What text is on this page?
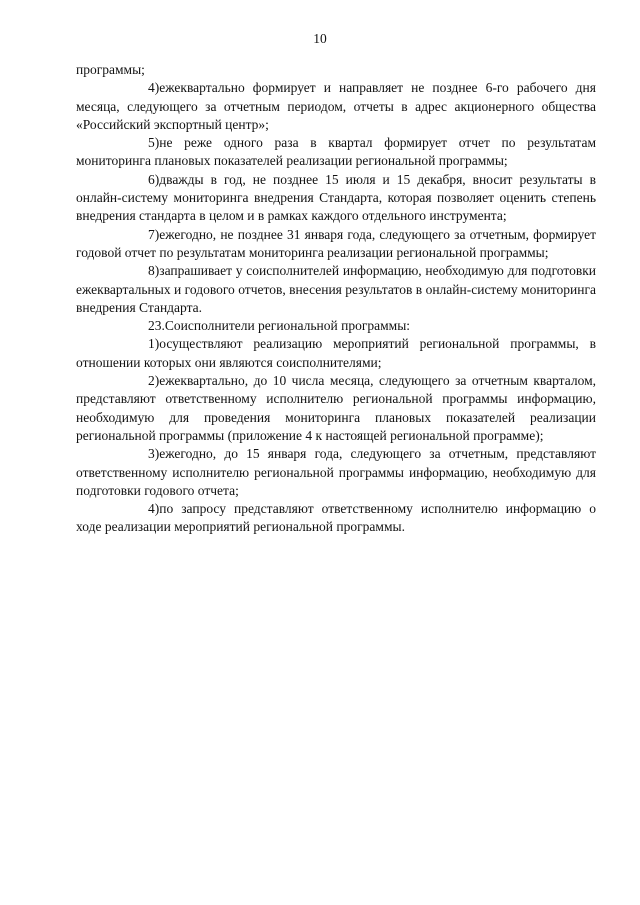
10

программы;

4)ежеквартально формирует и направляет не позднее 6-го рабочего дня месяца, следующего за отчетным периодом, отчеты в адрес акционерного общества «Российский экспортный центр»;

5)не реже одного раза в квартал формирует отчет по результатам мониторинга плановых показателей реализации региональной программы;

6)дважды в год, не позднее 15 июля и 15 декабря, вносит результаты в онлайн-систему мониторинга внедрения Стандарта, которая позволяет оценить степень внедрения стандарта в целом и в рамках каждого отдельного инструмента;

7)ежегодно, не позднее 31 января года, следующего за отчетным, формирует годовой отчет по результатам мониторинга реализации региональной программы;

8)запрашивает у соисполнителей информацию, необходимую для подготовки ежеквартальных и годового отчетов, внесения результатов в онлайн-систему мониторинга внедрения Стандарта.

23.Соисполнители региональной программы:

1)осуществляют реализацию мероприятий региональной программы, в отношении которых они являются соисполнителями;

2)ежеквартально, до 10 числа месяца, следующего за отчетным кварталом, представляют ответственному исполнителю региональной программы информацию, необходимую для проведения мониторинга плановых показателей реализации региональной программы (приложение 4 к настоящей региональной программе);

3)ежегодно, до 15 января года, следующего за отчетным, представляют ответственному исполнителю региональной программы информацию, необходимую для подготовки годового отчета;

4)по запросу представляют ответственному исполнителю информацию о ходе реализации мероприятий региональной программы.
